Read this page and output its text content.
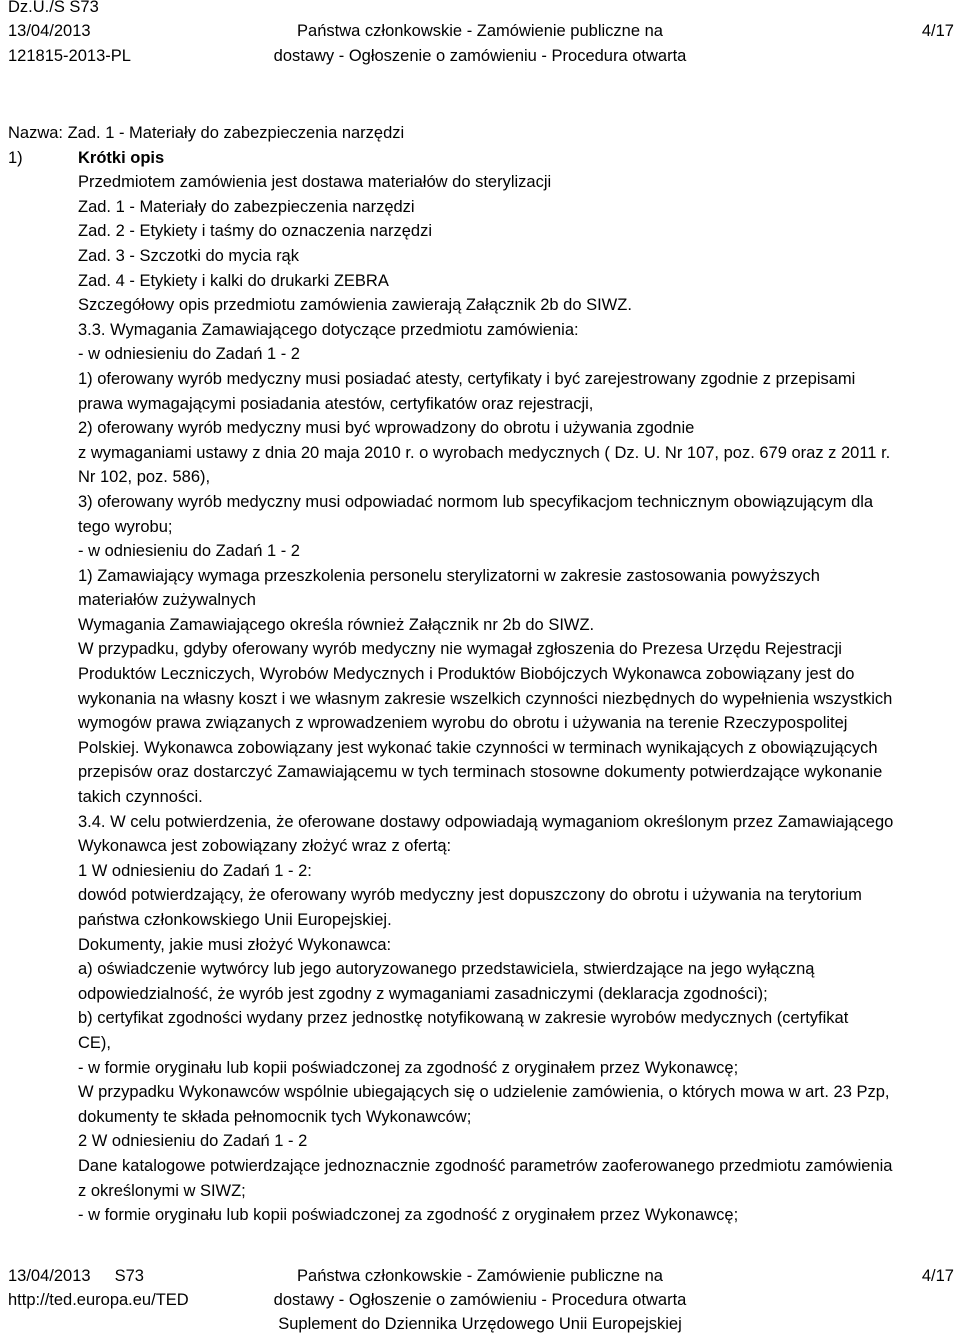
Dz.U./S S73
13/04/2013
121815-2013-PL
Państwa członkowskie - Zamówienie publiczne na
dostawy - Ogłoszenie o zamówieniu - Procedura otwarta
4/17
Nazwa: Zad. 1 - Materiały do zabezpieczenia narzędzi
1)	Krótki opis
Przedmiotem zamówienia jest dostawa materiałów do sterylizacji
Zad. 1 - Materiały do zabezpieczenia narzędzi
Zad. 2 - Etykiety i taśmy do oznaczenia narzędzi
Zad. 3 - Szczotki do mycia rąk
Zad. 4 - Etykiety i kalki do drukarki ZEBRA
Szczegółowy opis przedmiotu zamówienia zawierają Załącznik 2b do SIWZ.
3.3. Wymagania Zamawiającego dotyczące przedmiotu zamówienia:
- w odniesieniu do Zadań 1 - 2
1) oferowany wyrób medyczny musi posiadać atesty, certyfikaty i być zarejestrowany zgodnie z przepisami
prawa wymagającymi posiadania atestów, certyfikatów oraz rejestracji,
2) oferowany wyrób medyczny musi być wprowadzony do obrotu i używania zgodnie
z wymaganiami ustawy z dnia 20 maja 2010 r. o wyrobach medycznych ( Dz. U. Nr 107, poz. 679 oraz z 2011 r.
Nr 102, poz. 586),
3) oferowany wyrób medyczny musi odpowiadać normom lub specyfikacjom technicznym obowiązującym dla
tego wyrobu;
- w odniesieniu do Zadań 1 - 2
1) Zamawiający wymaga przeszkolenia personelu sterylizatorni w zakresie zastosowania powyższych
materiałów zużywalnych
Wymagania Zamawiającego określa również Załącznik nr 2b do SIWZ.
W przypadku, gdyby oferowany wyrób medyczny nie wymagał zgłoszenia do Prezesa Urzędu Rejestracji
Produktów Leczniczych, Wyrobów Medycznych i Produktów Biobójczych Wykonawca zobowiązany jest do
wykonania na własny koszt i we własnym zakresie wszelkich czynności niezbędnych do wypełnienia wszystkich
wymogów prawa związanych z wprowadzeniem wyrobu do obrotu i używania na terenie Rzeczypospolitej
Polskiej. Wykonawca zobowiązany jest wykonać takie czynności w terminach wynikających z obowiązujących
przepisów oraz dostarczyć Zamawiającemu w tych terminach stosowne dokumenty potwierdzające wykonanie
takich czynności.
3.4. W celu potwierdzenia, że oferowane dostawy odpowiadają wymaganiom określonym przez Zamawiającego
Wykonawca jest zobowiązany złożyć wraz z ofertą:
1 W odniesieniu do Zadań 1 - 2:
dowód potwierdzający, że oferowany wyrób medyczny jest dopuszczony do obrotu i używania na terytorium
państwa członkowskiego Unii Europejskiej.
Dokumenty, jakie musi złożyć Wykonawca:
a) oświadczenie wytwórcy lub jego autoryzowanego przedstawiciela, stwierdzające na jego wyłączną
odpowiedzialność, że wyrób jest zgodny z wymaganiami zasadniczymi (deklaracja zgodności);
b) certyfikat zgodności wydany przez jednostkę notyfikowaną w zakresie wyrobów medycznych (certyfikat
CE),
- w formie oryginału lub kopii poświadczonej za zgodność z oryginałem przez Wykonawcę;
W przypadku Wykonawców wspólnie ubiegających się o udzielenie zamówienia, o których mowa w art. 23 Pzp,
dokumenty te składa pełnomocnik tych Wykonawców;
2 W odniesieniu do Zadań 1 - 2
Dane katalogowe potwierdzające jednoznacznie zgodność parametrów zaoferowanego przedmiotu zamówienia
z określonymi w SIWZ;
- w formie oryginału lub kopii poświadczonej za zgodność z oryginałem przez Wykonawcę;
13/04/2013 S73
http://ted.europa.eu/TED
Państwa członkowskie - Zamówienie publiczne na
dostawy - Ogłoszenie o zamówieniu - Procedura otwarta
Suplement do Dziennika Urzędowego Unii Europejskiej
4/17
